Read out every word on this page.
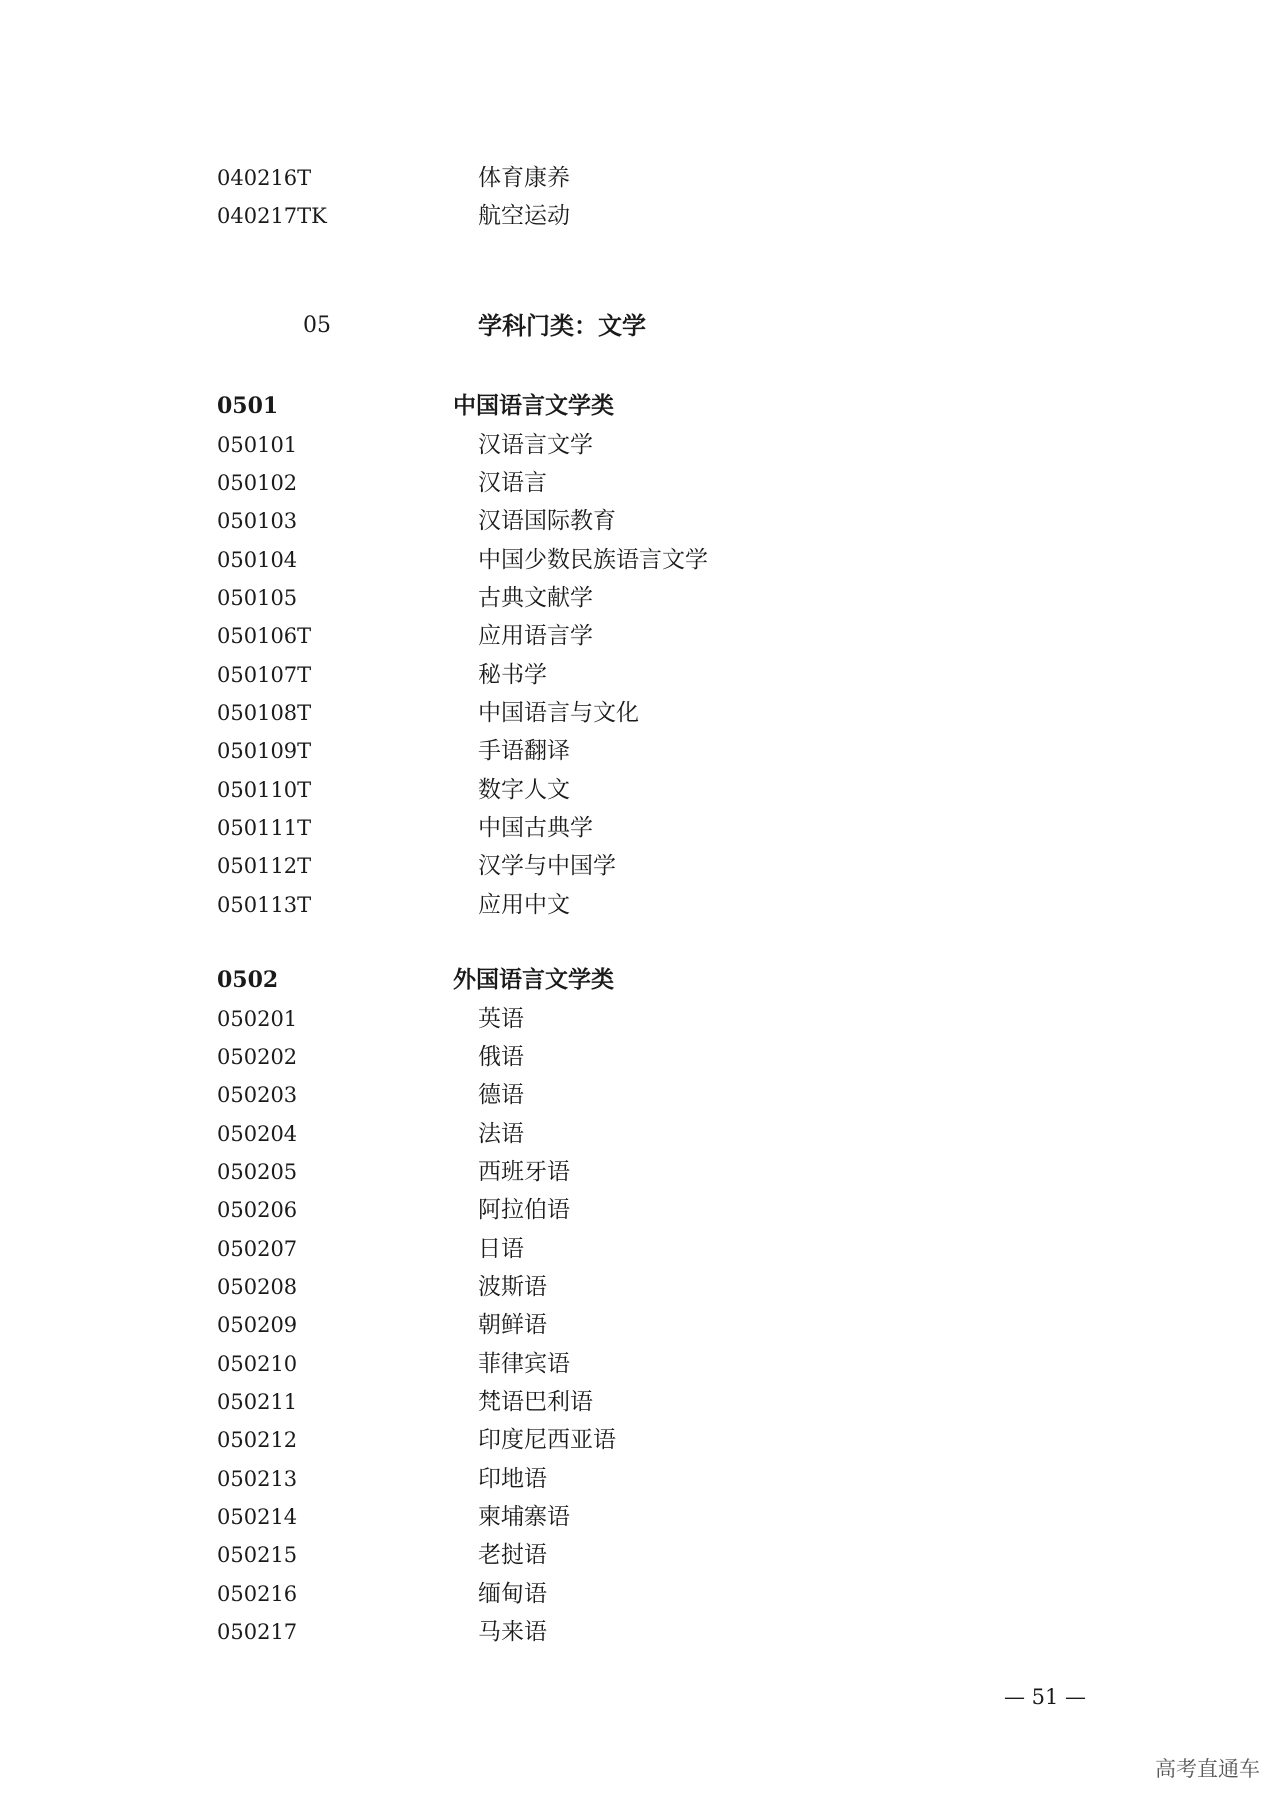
040216T	体育康养
040217TK	航空运动
05	学科门类：文学
0501	中国语言文学类
050101	汉语言文学
050102	汉语言
050103	汉语国际教育
050104	中国少数民族语言文学
050105	古典文献学
050106T	应用语言学
050107T	秘书学
050108T	中国语言与文化
050109T	手语翻译
050110T	数字人文
050111T	中国古典学
050112T	汉学与中国学
050113T	应用中文
0502	外国语言文学类
050201	英语
050202	俄语
050203	德语
050204	法语
050205	西班牙语
050206	阿拉伯语
050207	日语
050208	波斯语
050209	朝鲜语
050210	菲律宾语
050211	梵语巴利语
050212	印度尼西亚语
050213	印地语
050214	柬埔寨语
050215	老挝语
050216	缅甸语
050217	马来语
— 51 —
高考直通车
